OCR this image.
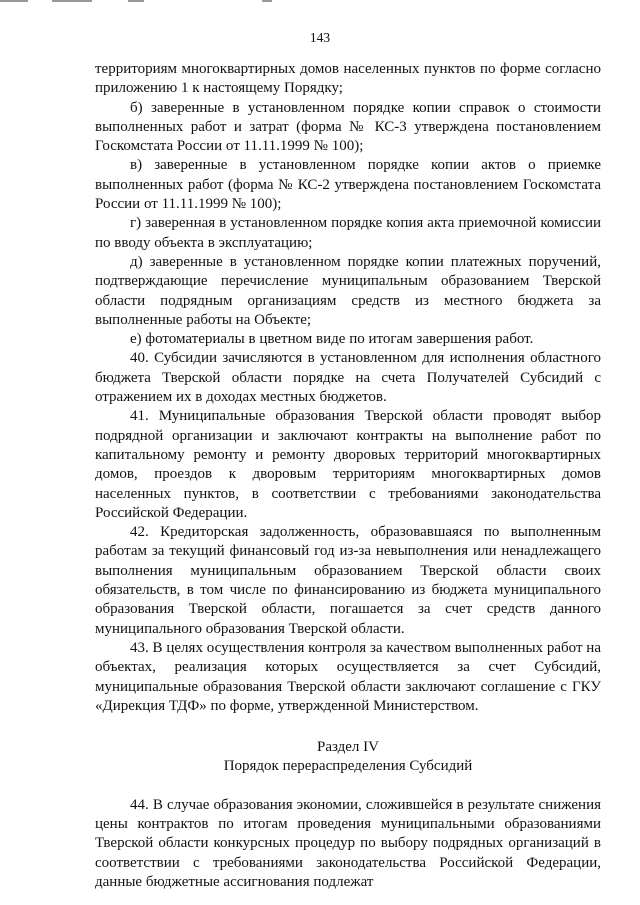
143

территориям многоквартирных домов населенных пунктов по форме согласно приложению 1 к настоящему Порядку;

б) заверенные в установленном порядке копии справок о стоимости выполненных работ и затрат (форма № КС-3 утверждена постановлением Госкомстата России от 11.11.1999 № 100);

в) заверенные в установленном порядке копии актов о приемке выполненных работ (форма № КС-2 утверждена постановлением Госкомстата России от 11.11.1999 № 100);

г) заверенная в установленном порядке копия акта приемочной комиссии по вводу объекта в эксплуатацию;

д) заверенные в установленном порядке копии платежных поручений, подтверждающие перечисление муниципальным образованием Тверской области подрядным организациям средств из местного бюджета за выполненные работы на Объекте;

е) фотоматериалы в цветном виде по итогам завершения работ.

40. Субсидии зачисляются в установленном для исполнения областного бюджета Тверской области порядке на счета Получателей Субсидий с отражением их в доходах местных бюджетов.

41. Муниципальные образования Тверской области проводят выбор подрядной организации и заключают контракты на выполнение работ по капитальному ремонту и ремонту дворовых территорий многоквартирных домов, проездов к дворовым территориям многоквартирных домов населенных пунктов, в соответствии с требованиями законодательства Российской Федерации.

42. Кредиторская задолженность, образовавшаяся по выполненным работам за текущий финансовый год из-за невыполнения или ненадлежащего выполнения муниципальным образованием Тверской области своих обязательств, в том числе по финансированию из бюджета муниципального образования Тверской области, погашается за счет средств данного муниципального образования Тверской области.

43. В целях осуществления контроля за качеством выполненных работ на объектах, реализация которых осуществляется за счет Субсидий, муниципальные образования Тверской области заключают соглашение с ГКУ «Дирекция ТДФ» по форме, утвержденной Министерством.

Раздел IV
Порядок перераспределения Субсидий

44. В случае образования экономии, сложившейся в результате снижения цены контрактов по итогам проведения муниципальными образованиями Тверской области конкурсных процедур по выбору подрядных организаций в соответствии с требованиями законодательства Российской Федерации, данные бюджетные ассигнования подлежат
